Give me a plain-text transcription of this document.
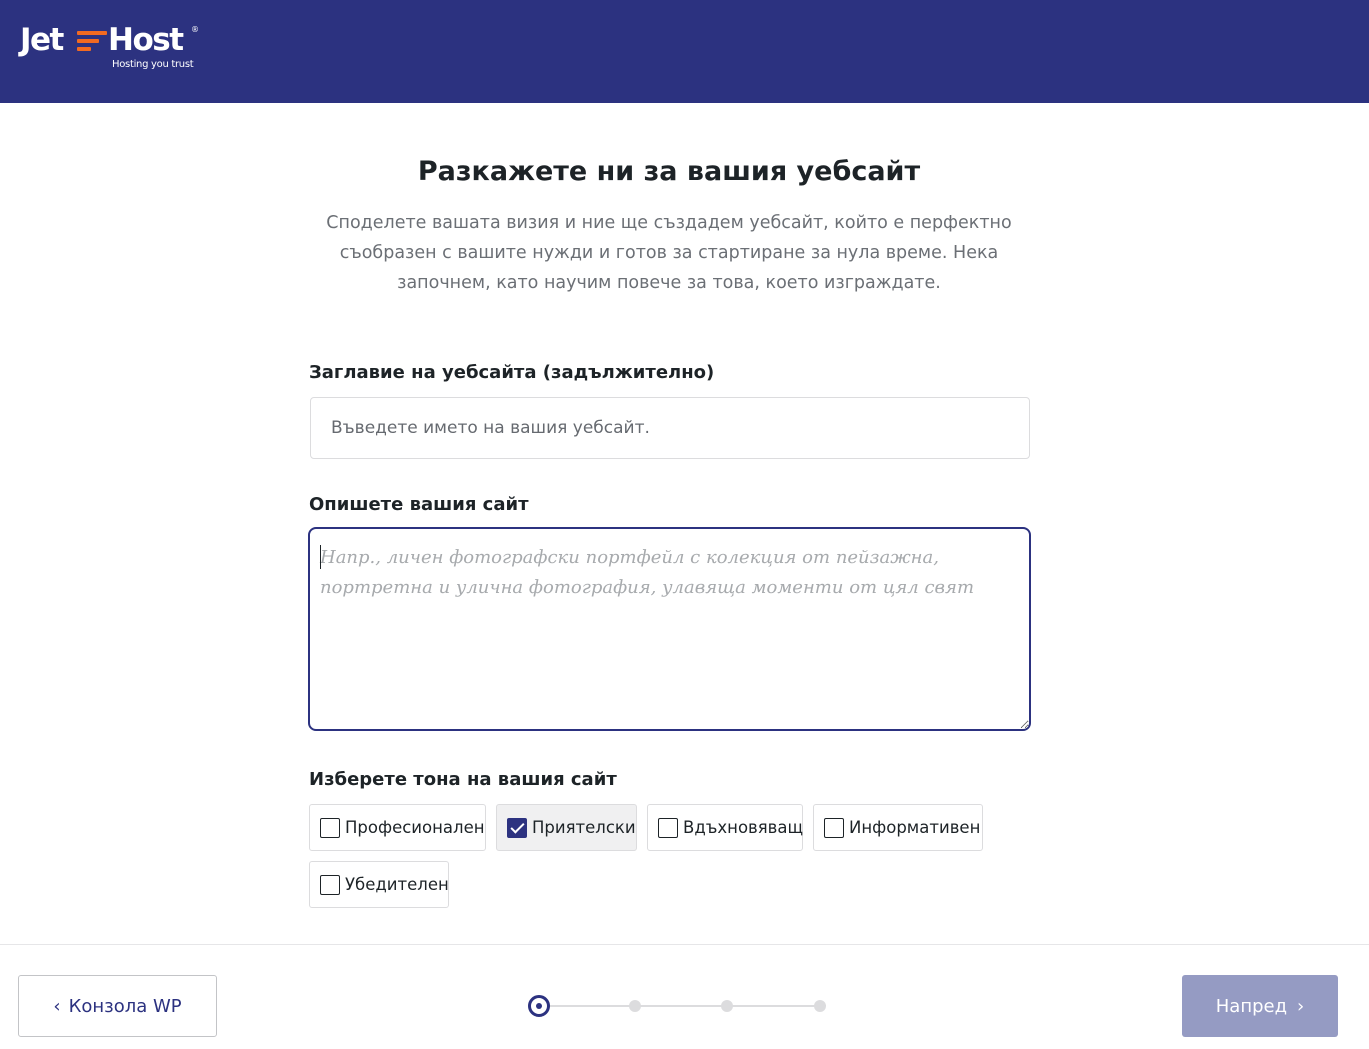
Jet Host ®
Hosting you trust
Разкажете ни за вашия уебсайт

Споделете вашата визия и ние ще създадем уебсайт, който е перфектно съобразен с вашите нужди и готов за стартиране за нула време. Нека започнем, като научим повече за това, което изграждате.

Заглавие на уебсайта (задължително)
Въведете името на вашия уебсайт.
Опишете вашия сайт
Напр., личен фотографски портфейл с колекция от пейзажна, портретна и улична фотография, улавяща моменти от цял свят
Изберете тона на вашия сайт
Професионален	Приятелски	Вдъхновяващ	Информативен
Убедителен
‹ Конзола WP	Напред ›
